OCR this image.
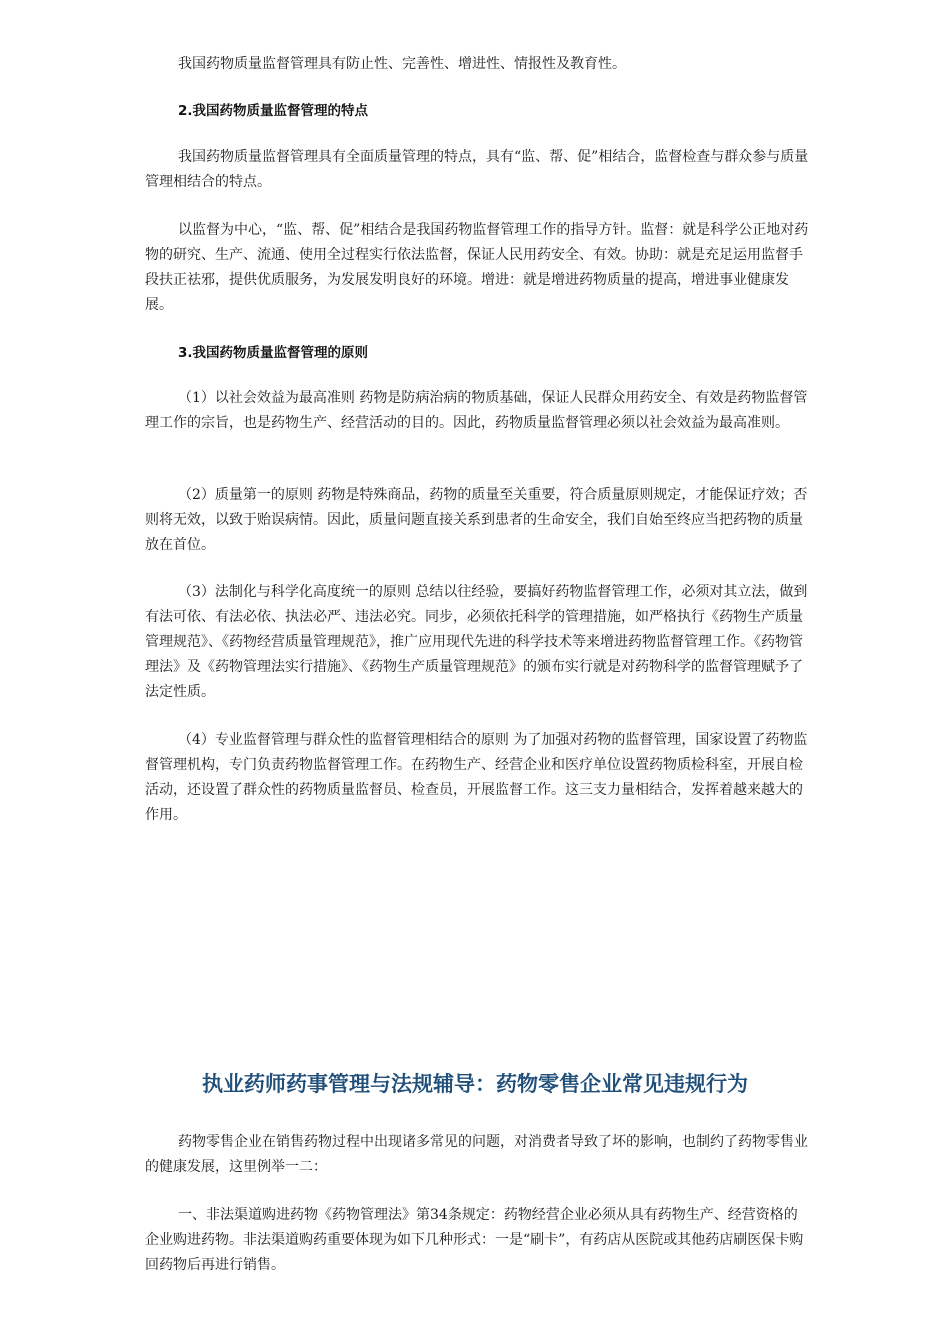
我国药物质量监督管理具有防止性、完善性、增进性、情报性及教育性。

2.我国药物质量监督管理的特点

我国药物质量监督管理具有全面质量管理的特点，具有“监、帮、促”相结合，监督检查与群众参与质量管理相结合的特点。

以监督为中心，“监、帮、促”相结合是我国药物监督管理工作的指导方针。监督：就是科学公正地对药物的研究、生产、流通、使用全过程实行依法监督，保证人民用药安全、有效。协助：就是充足运用监督手段扶正祛邪，提供优质服务，为发展发明良好的环境。增进：就是增进药物质量的提高，增进事业健康发展。

3.我国药物质量监督管理的原则

（1）以社会效益为最高准则 药物是防病治病的物质基础，保证人民群众用药安全、有效是药物监督管理工作的宗旨，也是药物生产、经营活动的目的。因此，药物质量监督管理必须以社会效益为最高准则。

（2）质量第一的原则 药物是特殊商品，药物的质量至关重要，符合质量原则规定，才能保证疗效；否则将无效，以致于贻误病情。因此，质量问题直接关系到患者的生命安全，我们自始至终应当把药物的质量放在首位。

（3）法制化与科学化高度统一的原则 总结以往经验，要搞好药物监督管理工作，必须对其立法，做到有法可依、有法必依、执法必严、违法必究。同步，必须依托科学的管理措施，如严格执行《药物生产质量管理规范》、《药物经营质量管理规范》，推广应用现代先进的科学技术等来增进药物监督管理工作。《药物管理法》及《药物管理法实行措施》、《药物生产质量管理规范》的颁布实行就是对药物科学的监督管理赋予了法定性质。

（4）专业监督管理与群众性的监督管理相结合的原则 为了加强对药物的监督管理，国家设置了药物监督管理机构，专门负责药物监督管理工作。在药物生产、经营企业和医疗单位设置药物质检科室，开展自检活动，还设置了群众性的药物质量监督员、检查员，开展监督工作。这三支力量相结合，发挥着越来越大的作用。

执业药师药事管理与法规辅导：药物零售企业常见违规行为

药物零售企业在销售药物过程中出现诸多常见的问题，对消费者导致了坏的影响，也制约了药物零售业的健康发展，这里例举一二：

一、非法渠道购进药物《药物管理法》第34条规定：药物经营企业必须从具有药物生产、经营资格的企业购进药物。非法渠道购药重要体现为如下几种形式：一是“刷卡”，有药店从医院或其他药店刷医保卡购回药物后再进行销售。
